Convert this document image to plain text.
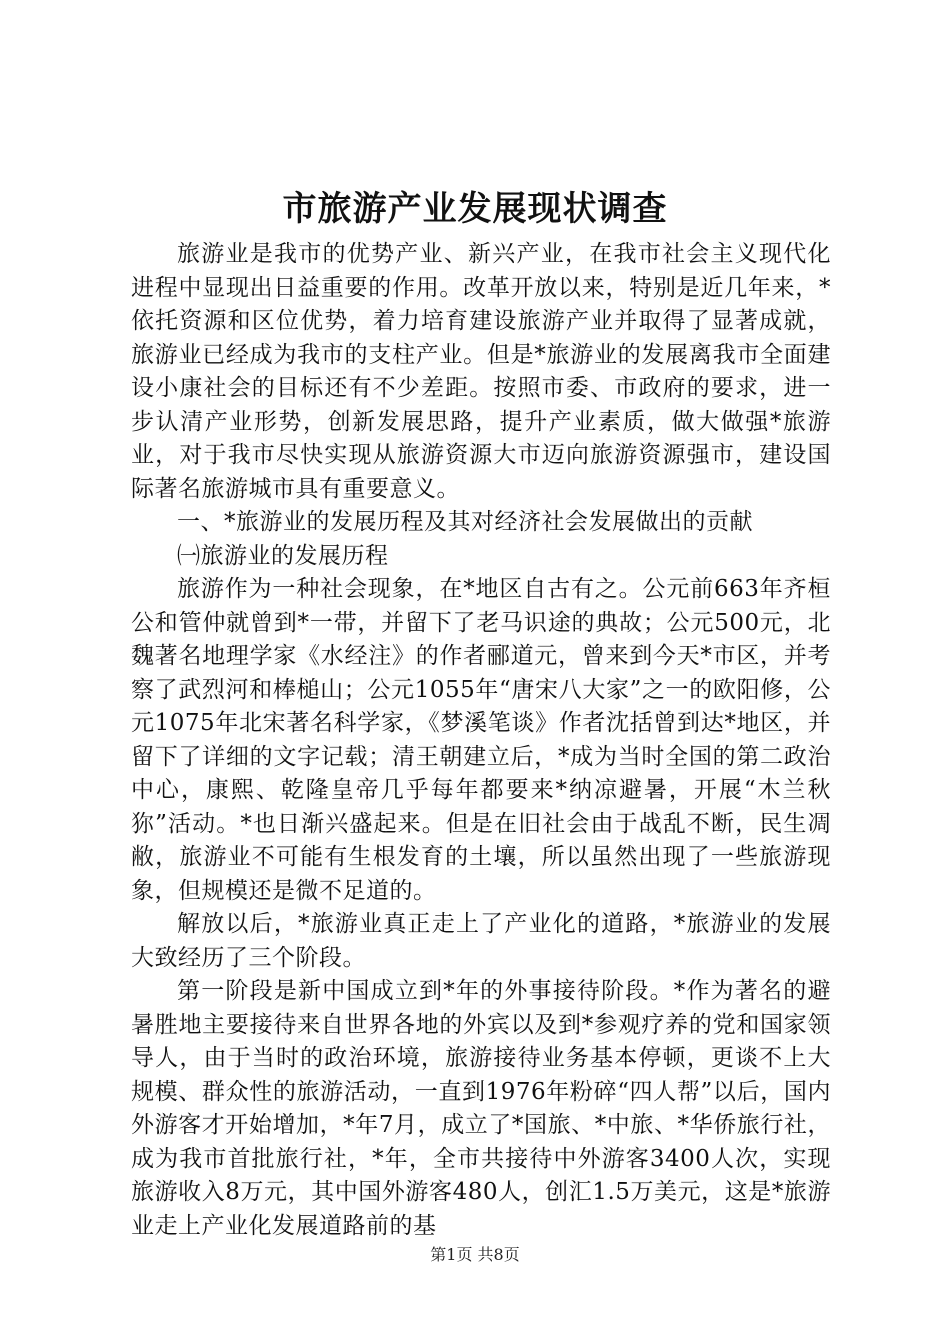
市旅游产业发展现状调查

旅游业是我市的优势产业、新兴产业，在我市社会主义现代化进程中显现出日益重要的作用。改革开放以来，特别是近几年来，*依托资源和区位优势，着力培育建设旅游产业并取得了显著成就，旅游业已经成为我市的支柱产业。但是*旅游业的发展离我市全面建设小康社会的目标还有不少差距。按照市委、市政府的要求，进一步认清产业形势，创新发展思路，提升产业素质，做大做强*旅游业，对于我市尽快实现从旅游资源大市迈向旅游资源强市，建设国际著名旅游城市具有重要意义。

一、*旅游业的发展历程及其对经济社会发展做出的贡献

㈠旅游业的发展历程

旅游作为一种社会现象，在*地区自古有之。公元前663年齐桓公和管仲就曾到*一带，并留下了老马识途的典故；公元500元，北魏著名地理学家《水经注》的作者郦道元，曾来到今天*市区，并考察了武烈河和棒槌山；公元1055年“唐宋八大家”之一的欧阳修，公元1075年北宋著名科学家，《梦溪笔谈》作者沈括曾到达*地区，并留下了详细的文字记载；清王朝建立后，*成为当时全国的第二政治中心，康熙、乾隆皇帝几乎每年都要来*纳凉避暑，开展“木兰秋狝”活动。*也日渐兴盛起来。但是在旧社会由于战乱不断，民生凋敝，旅游业不可能有生根发育的土壤，所以虽然出现了一些旅游现象，但规模还是微不足道的。

解放以后，*旅游业真正走上了产业化的道路，*旅游业的发展大致经历了三个阶段。

第一阶段是新中国成立到*年的外事接待阶段。*作为著名的避暑胜地主要接待来自世界各地的外宾以及到*参观疗养的党和国家领导人，由于当时的政治环境，旅游接待业务基本停顿，更谈不上大规模、群众性的旅游活动，一直到1976年粉碎“四人帮”以后，国内外游客才开始增加，*年7月，成立了*国旅、*中旅、*华侨旅行社，成为我市首批旅行社，*年，全市共接待中外游客3400人次，实现旅游收入8万元，其中国外游客480人，创汇1.5万美元，这是*旅游业走上产业化发展道路前的基

第1页 共8页
